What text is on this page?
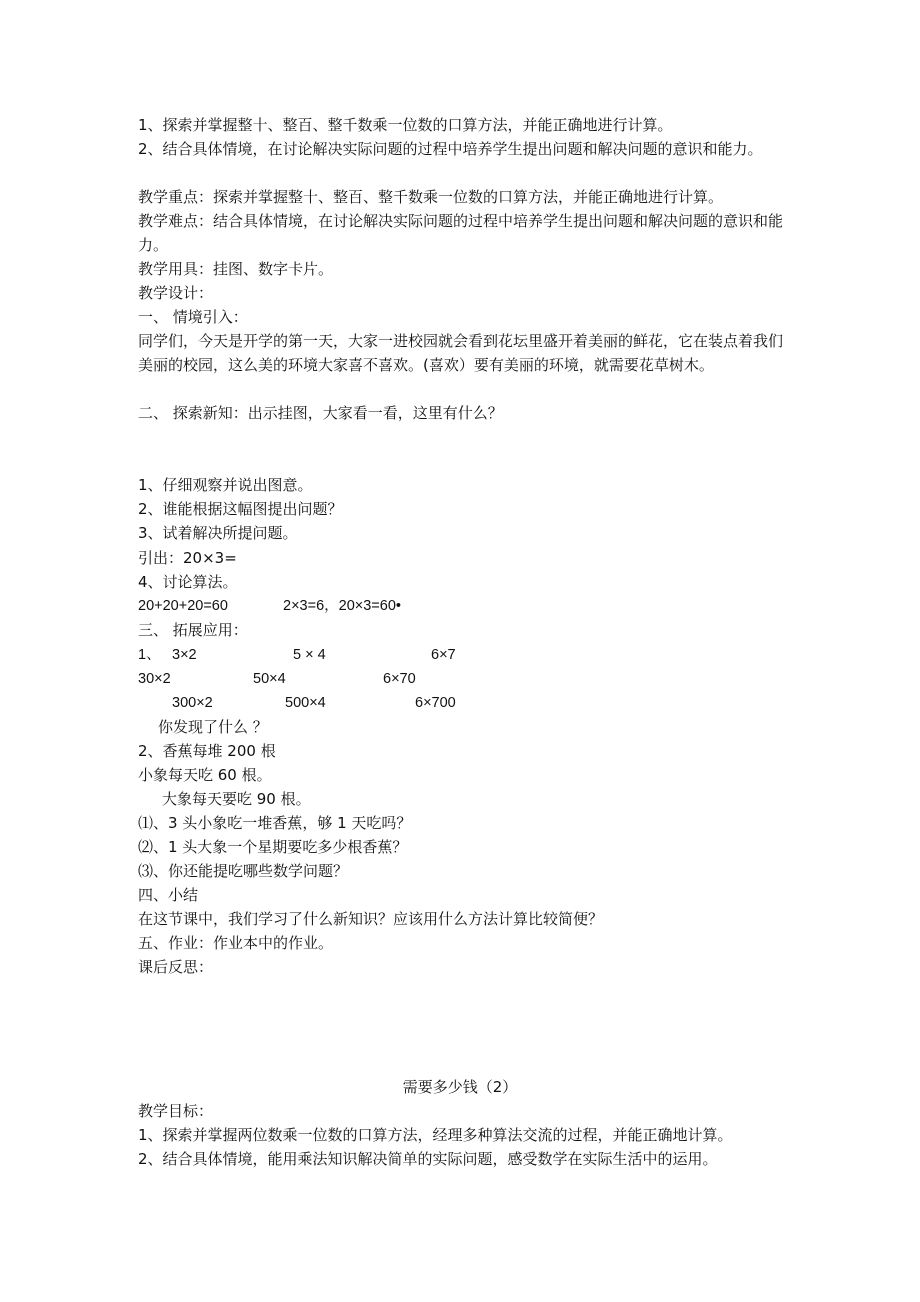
1、探索并掌握整十、整百、整千数乘一位数的口算方法，并能正确地进行计算。
2、结合具体情境，在讨论解决实际问题的过程中培养学生提出问题和解决问题的意识和能力。
教学重点：探索并掌握整十、整百、整千数乘一位数的口算方法，并能正确地进行计算。
教学难点：结合具体情境，在讨论解决实际问题的过程中培养学生提出问题和解决问题的意识和能力。
教学用具：挂图、数字卡片。
教学设计：
一、 情境引入：
同学们，今天是开学的第一天，大家一进校园就会看到花坛里盛开着美丽的鲜花，它在装点着我们美丽的校园，这么美的环境大家喜不喜欢。(喜欢）要有美丽的环境，就需要花草树木。
二、 探索新知：出示挂图，大家看一看，这里有什么？
1、仔细观察并说出图意。
2、谁能根据这幅图提出问题？
3、试着解决所提问题。
引出：20×3=
4、讨论算法。
20+20+20=60	2×3=6，20×3=60•
三、 拓展应用：
1、 3×2	5 × 4	6×7
30×2	50×4	6×70
300×2	500×4	6×700
你发现了什么 ？
2、香蕉每堆 200 根
小象每天吃 60 根。
大象每天要吃 90 根。
⑴、3 头小象吃一堆香蕉，够 1 天吃吗？
⑵、1 头大象一个星期要吃多少根香蕉？
⑶、你还能提吃哪些数学问题？
四、小结
在这节课中，我们学习了什么新知识？应该用什么方法计算比较简便？
五、作业：作业本中的作业。
课后反思：
需要多少钱（2）
教学目标：
1、探索并掌握两位数乘一位数的口算方法，经理多种算法交流的过程，并能正确地计算。
2、结合具体情境，能用乘法知识解决简单的实际问题，感受数学在实际生活中的运用。
